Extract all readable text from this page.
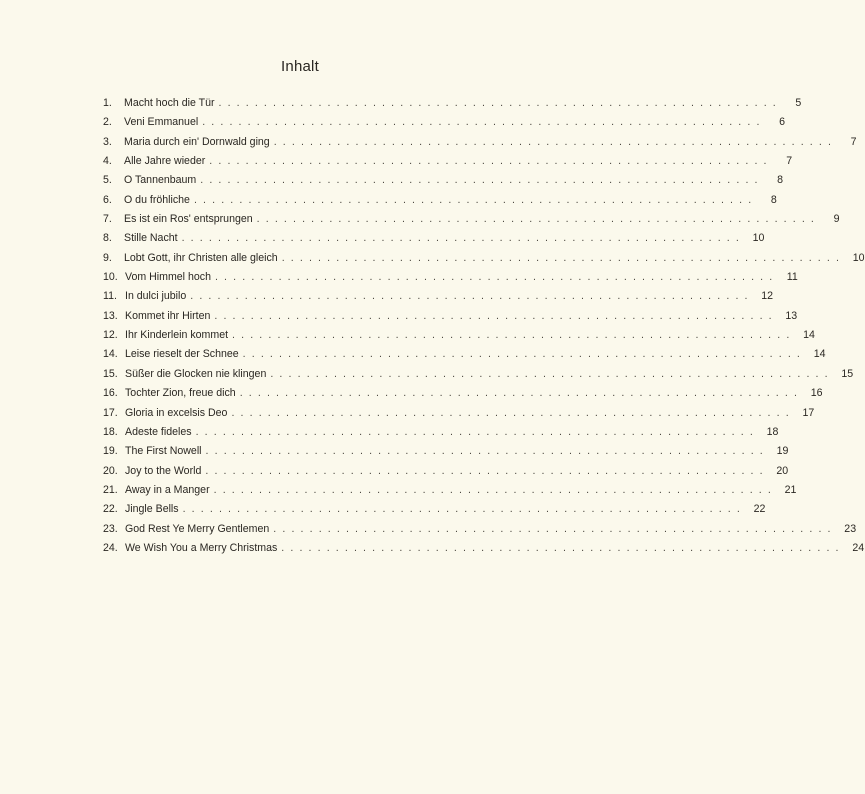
Inhalt
1.	Macht hoch die Tür . . . . . . . . . . . . . . . . . . . . . . . . . . . . . . . . . . . . . . . . . . . . . . . . . . . . . . . . . . . . . .	5
2.	Veni Emmanuel . . . . . . . . . . . . . . . . . . . . . . . . . . . . . . . . . . . . . . . . . . . . . . . . . . . . . . . . . . . . . .	6
3.	Maria durch ein' Dornwald ging . . . . . . . . . . . . . . . . . . . . . . . . . . . . . . . . . . . . . . . . . . . . . . . . . . . . . . . . . . . . . .	7
4.	Alle Jahre wieder . . . . . . . . . . . . . . . . . . . . . . . . . . . . . . . . . . . . . . . . . . . . . . . . . . . . . . . . . . . . . .	7
5.	O Tannenbaum . . . . . . . . . . . . . . . . . . . . . . . . . . . . . . . . . . . . . . . . . . . . . . . . . . . . . . . . . . . . . .	8
6.	O du fröhliche . . . . . . . . . . . . . . . . . . . . . . . . . . . . . . . . . . . . . . . . . . . . . . . . . . . . . . . . . . . . . .	8
7.	Es ist ein Ros' entsprungen . . . . . . . . . . . . . . . . . . . . . . . . . . . . . . . . . . . . . . . . . . . . . . . . . . . . . . . . . . . . . .	9
8.	Stille Nacht . . . . . . . . . . . . . . . . . . . . . . . . . . . . . . . . . . . . . . . . . . . . . . . . . . . . . . . . . . . . . .	10
9.	Lobt Gott, ihr Christen alle gleich . . . . . . . . . . . . . . . . . . . . . . . . . . . . . . . . . . . . . . . . . . . . . . . . . . . . . . . . . . . . . .	10
10. Vom Himmel hoch . . . . . . . . . . . . . . . . . . . . . . . . . . . . . . . . . . . . . . . . . . . . . . . . . . . . . . . . . . . . . .	11
11. In dulci jubilo . . . . . . . . . . . . . . . . . . . . . . . . . . . . . . . . . . . . . . . . . . . . . . . . . . . . . . . . . . . . . .	12
13. Kommet ihr Hirten . . . . . . . . . . . . . . . . . . . . . . . . . . . . . . . . . . . . . . . . . . . . . . . . . . . . . . . . . . . . . .	13
12. Ihr Kinderlein kommet . . . . . . . . . . . . . . . . . . . . . . . . . . . . . . . . . . . . . . . . . . . . . . . . . . . . . . . . . . . . . .	14
14. Leise rieselt der Schnee . . . . . . . . . . . . . . . . . . . . . . . . . . . . . . . . . . . . . . . . . . . . . . . . . . . . . . . . . . . . . .	14
15. Süßer die Glocken nie klingen . . . . . . . . . . . . . . . . . . . . . . . . . . . . . . . . . . . . . . . . . . . . . . . . . . . . . . . . . . . . . .	15
16. Tochter Zion, freue dich . . . . . . . . . . . . . . . . . . . . . . . . . . . . . . . . . . . . . . . . . . . . . . . . . . . . . . . . . . . . . .	16
17. Gloria in excelsis Deo . . . . . . . . . . . . . . . . . . . . . . . . . . . . . . . . . . . . . . . . . . . . . . . . . . . . . . . . . . . . . .	17
18. Adeste fideles . . . . . . . . . . . . . . . . . . . . . . . . . . . . . . . . . . . . . . . . . . . . . . . . . . . . . . . . . . . . . .	18
19. The First Nowell . . . . . . . . . . . . . . . . . . . . . . . . . . . . . . . . . . . . . . . . . . . . . . . . . . . . . . . . . . . . . .	19
20. Joy to the World . . . . . . . . . . . . . . . . . . . . . . . . . . . . . . . . . . . . . . . . . . . . . . . . . . . . . . . . . . . . . .	20
21. Away in a Manger . . . . . . . . . . . . . . . . . . . . . . . . . . . . . . . . . . . . . . . . . . . . . . . . . . . . . . . . . . . . . .	21
22. Jingle Bells . . . . . . . . . . . . . . . . . . . . . . . . . . . . . . . . . . . . . . . . . . . . . . . . . . . . . . . . . . . . . .	22
23. God Rest Ye Merry Gentlemen . . . . . . . . . . . . . . . . . . . . . . . . . . . . . . . . . . . . . . . . . . . . . . . . . . . . . . . . . . . . . .	23
24. We Wish You a Merry Christmas . . . . . . . . . . . . . . . . . . . . . . . . . . . . . . . . . . . . . . . . . . . . . . . . . . . . . . . . . . . . . .	24
